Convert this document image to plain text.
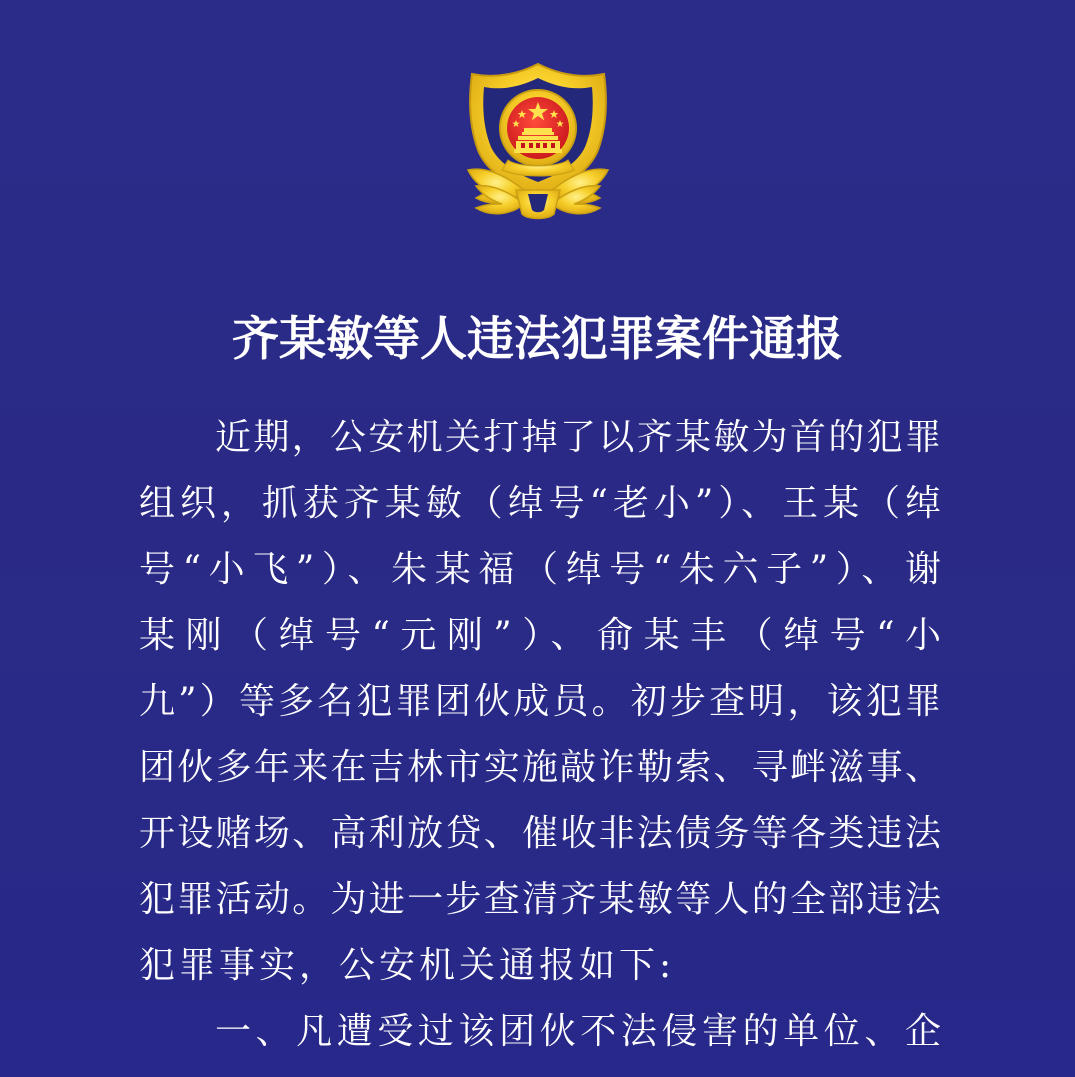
齐某敏等人违法犯罪案件通报
近期，公安机关打掉了以齐某敏为首的犯罪
组织，抓获齐某敏（绰号“老小”）、王某（绰
号“小飞”）、朱某福（绰号“朱六子”）、谢
某刚（绰号“元刚”）、俞某丰（绰号“小
九”）等多名犯罪团伙成员。初步查明，该犯罪
团伙多年来在吉林市实施敲诈勒索、寻衅滋事、
开设赌场、高利放贷、催收非法债务等各类违法
犯罪活动。为进一步查清齐某敏等人的全部违法
犯罪事实，公安机关通报如下:
一、凡遭受过该团伙不法侵害的单位、企
